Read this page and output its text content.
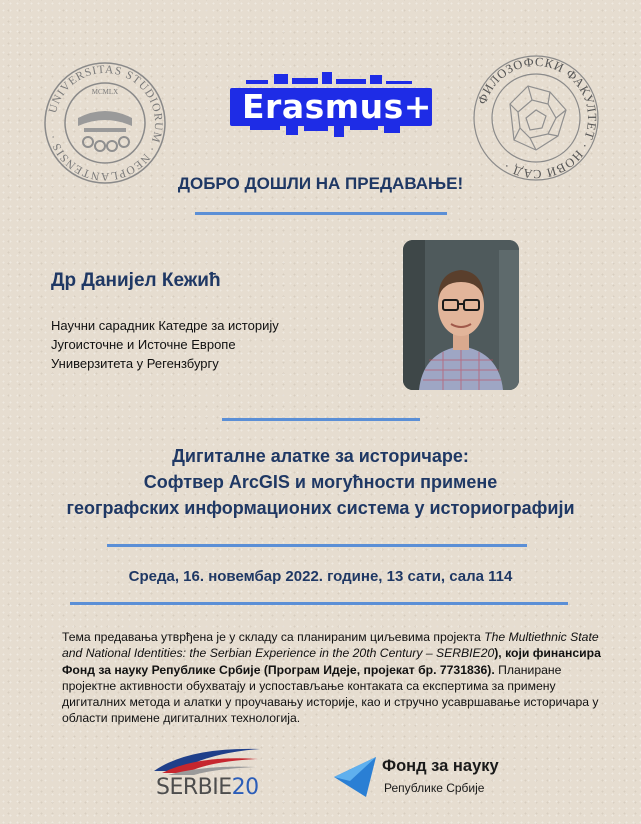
UNIVERSITAS STUDIORUM · NEOPLANTENSIS ·
MCMLX	Erasmus+	ФИЛОЗОФСКИ ФАКУЛТЕТ · НОВИ САД ·
ДОБРО ДОШЛИ НА ПРЕДАВАЊЕ!
Др Данијел Кежић
Научни сарадник Катедре за историју
Југоисточне и Источне Европе
Универзитета у Регензбургу
Дигиталне алатке за историчаре:
Софтвер ArcGIS и могућности примене
географских информационих система у историографији
Среда, 16. новембар 2022. године, 13 сати, сала 114
Тема предавања утврђена је у складу са планираним циљевима пројекта The Multiethnic State and National Identities: the Serbian Experience in the 20th Century – SERBIE20), који финансира Фонд за науку Републике Србије (Програм Идеје, пројекат бр. 7731836). Планиране пројектне активности обухватају и успостављање контаката са експертима за примену дигиталних метода и алатки у проучавању историје, као и стручно усавршавање историчара у области примене дигиталних технологија.
SERBIE20
Фонд за науку
Републике Србије
